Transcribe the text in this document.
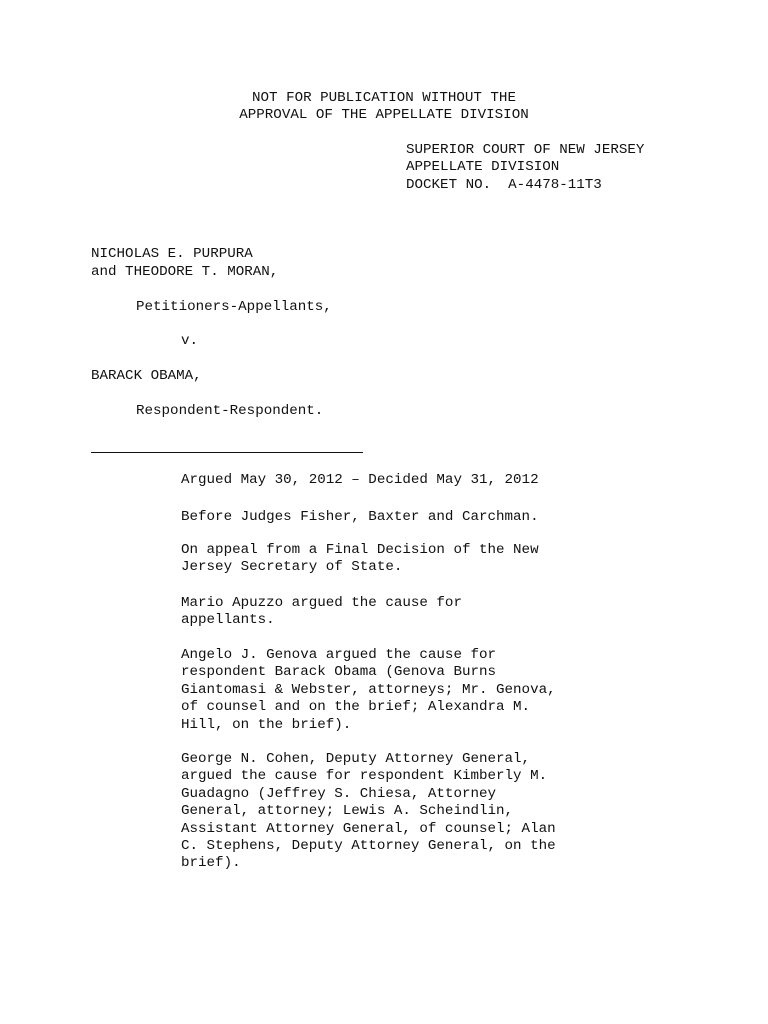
NOT FOR PUBLICATION WITHOUT THE
APPROVAL OF THE APPELLATE DIVISION
SUPERIOR COURT OF NEW JERSEY
APPELLATE DIVISION
DOCKET NO.  A-4478-11T3
NICHOLAS E. PURPURA
and THEODORE T. MORAN,
Petitioners-Appellants,
v.
BARACK OBAMA,
Respondent-Respondent.
Argued May 30, 2012 – Decided May 31, 2012
Before Judges Fisher, Baxter and Carchman.
On appeal from a Final Decision of the New
Jersey Secretary of State.
Mario Apuzzo argued the cause for
appellants.
Angelo J. Genova argued the cause for
respondent Barack Obama (Genova Burns
Giantomasi & Webster, attorneys; Mr. Genova,
of counsel and on the brief; Alexandra M.
Hill, on the brief).
George N. Cohen, Deputy Attorney General,
argued the cause for respondent Kimberly M.
Guadagno (Jeffrey S. Chiesa, Attorney
General, attorney; Lewis A. Scheindlin,
Assistant Attorney General, of counsel; Alan
C. Stephens, Deputy Attorney General, on the
brief).
